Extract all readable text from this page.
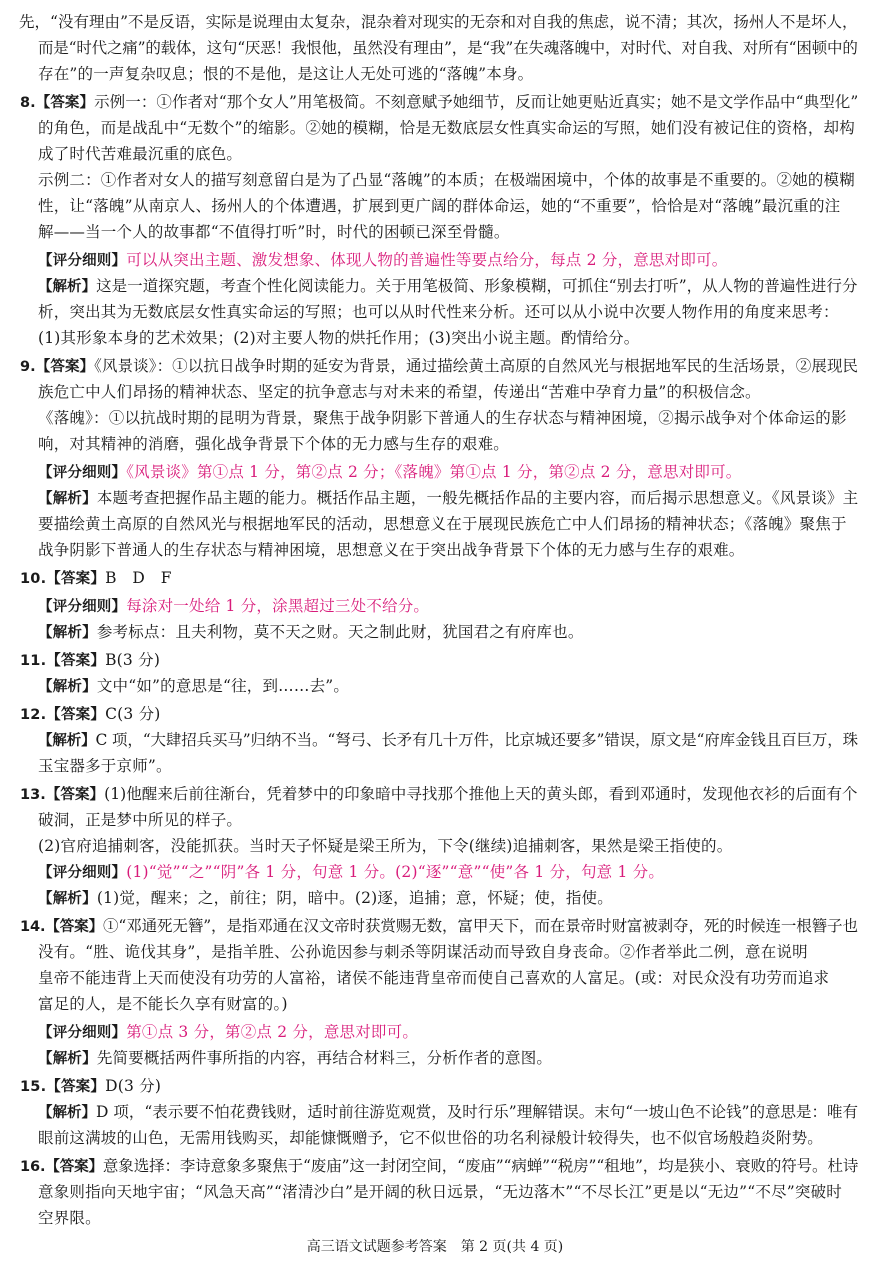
先，“没有理由”不是反语，实际是说理由太复杂，混杂着对现实的无奈和对自我的焦虑，说不清；其次，扬州人不是坏人，
而是“时代之痛”的载体，这句“厌恶！我恨他，虽然没有理由”，是“我”在失魂落魄中，对时代、对自我、对所有“困顿中的
存在”的一声复杂叹息；恨的不是他，是这让人无处可逃的“落魄”本身。
8.【答案】示例一：①作者对“那个女人”用笔极简。不刻意赋予她细节，反而让她更贴近真实；她不是文学作品中“典型化”
的角色，而是战乱中“无数个”的缩影。②她的模糊，恰是无数底层女性真实命运的写照，她们没有被记住的资格，却构
成了时代苦难最沉重的底色。
示例二：①作者对女人的描写刻意留白是为了凸显“落魄”的本质；在极端困境中，个体的故事是不重要的。②她的模糊
性，让“落魄”从南京人、扬州人的个体遭遇，扩展到更广阔的群体命运，她的“不重要”，恰恰是对“落魄”最沉重的注
解——当一个人的故事都“不值得打听”时，时代的困顿已深至骨髓。
【评分细则】可以从突出主题、激发想象、体现人物的普遍性等要点给分，每点 2 分，意思对即可。
【解析】这是一道探究题，考查个性化阅读能力。关于用笔极简、形象模糊，可抓住“别去打听”，从人物的普遍性进行分
析，突出其为无数底层女性真实命运的写照；也可以从时代性来分析。还可以从小说中次要人物作用的角度来思考：
(1)其形象本身的艺术效果；(2)对主要人物的烘托作用；(3)突出小说主题。酌情给分。
9.【答案】《风景谈》：①以抗日战争时期的延安为背景，通过描绘黄土高原的自然风光与根据地军民的生活场景，②展现民
族危亡中人们昂扬的精神状态、坚定的抗争意志与对未来的希望，传递出“苦难中孕育力量”的积极信念。
《落魄》：①以抗战时期的昆明为背景，聚焦于战争阴影下普通人的生存状态与精神困境，②揭示战争对个体命运的影
响，对其精神的消磨，强化战争背景下个体的无力感与生存的艰难。
【评分细则】《风景谈》第①点 1 分，第②点 2 分；《落魄》第①点 1 分，第②点 2 分，意思对即可。
【解析】本题考查把握作品主题的能力。概括作品主题，一般先概括作品的主要内容，而后揭示思想意义。《风景谈》主
要描绘黄土高原的自然风光与根据地军民的活动，思想意义在于展现民族危亡中人们昂扬的精神状态；《落魄》聚焦于
战争阴影下普通人的生存状态与精神困境，思想意义在于突出战争背景下个体的无力感与生存的艰难。
10.【答案】B　D　F
【评分细则】每涂对一处给 1 分，涂黑超过三处不给分。
【解析】参考标点：且夫利物，莫不天之财。天之制此财，犹国君之有府库也。
11.【答案】B(3 分)
【解析】文中“如”的意思是“往，到……去”。
12.【答案】C(3 分)
【解析】C 项，“大肆招兵买马”归纳不当。“弩弓、长矛有几十万件，比京城还要多”错误，原文是“府库金钱且百巨万，珠
玉宝器多于京师”。
13.【答案】(1)他醒来后前往渐台，凭着梦中的印象暗中寻找那个推他上天的黄头郎，看到邓通时，发现他衣衫的后面有个
破洞，正是梦中所见的样子。
(2)官府追捕刺客，没能抓获。当时天子怀疑是梁王所为，下令(继续)追捕刺客，果然是梁王指使的。
【评分细则】(1)“觉”“之”“阴”各 1 分，句意 1 分。(2)“逐”“意”“使”各 1 分，句意 1 分。
【解析】(1)觉，醒来；之，前往；阴，暗中。(2)逐，追捕；意，怀疑；使，指使。
14.【答案】①“邓通死无簪”，是指邓通在汉文帝时获赏赐无数，富甲天下，而在景帝时财富被剥夺，死的时候连一根簪子也
没有。“胜、诡伐其身”，是指羊胜、公孙诡因参与刺杀等阴谋活动而导致自身丧命。②作者举此二例，意在说明
皇帝不能违背上天而使没有功劳的人富裕，诸侯不能违背皇帝而使自己喜欢的人富足。(或：对民众没有功劳而追求
富足的人，是不能长久享有财富的。)
【评分细则】第①点 3 分，第②点 2 分，意思对即可。
【解析】先简要概括两件事所指的内容，再结合材料三，分析作者的意图。
15.【答案】D(3 分)
【解析】D 项，“表示要不怕花费钱财，适时前往游览观赏，及时行乐”理解错误。末句“一坡山色不论钱”的意思是：唯有
眼前这满坡的山色，无需用钱购买，却能慷慨赠予，它不似世俗的功名利禄般计较得失，也不似官场般趋炎附势。
16.【答案】意象选择：李诗意象多聚焦于“废庙”这一封闭空间，“废庙”“病蝉”“税房”“租地”，均是狭小、衰败的符号。杜诗
意象则指向天地宇宙；“风急天高”“渚清沙白”是开阔的秋日远景，“无边落木”“不尽长江”更是以“无边”“不尽”突破时
空界限。
高三语文试题参考答案　第 2 页(共 4 页)
